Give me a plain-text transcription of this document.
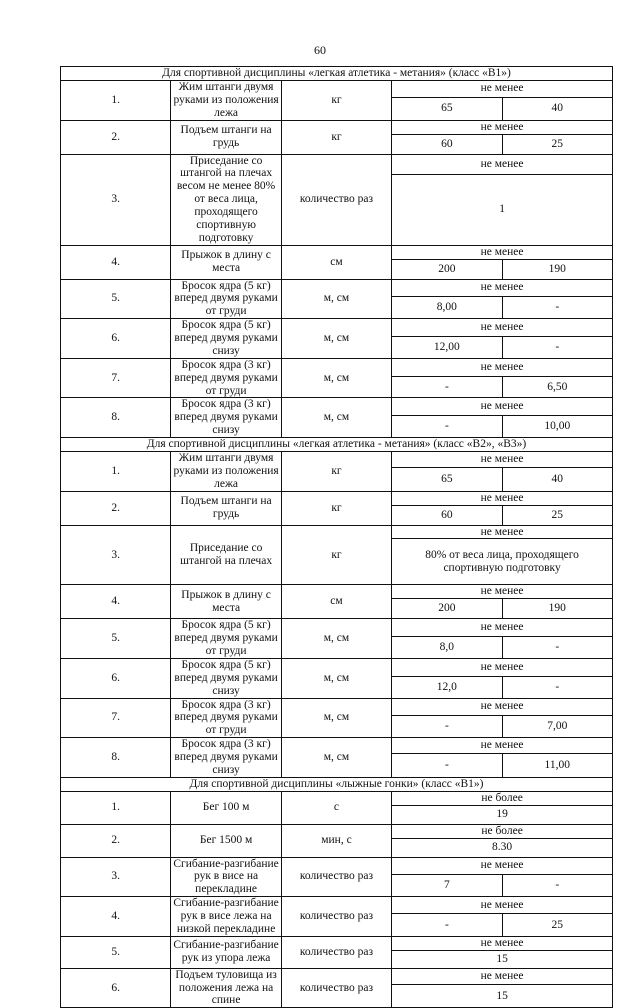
60
Для спортивной дисциплины «легкая атлетика - метания» (класс «В1»)				
1.	Жим штанги двумя руками из положения лежа	кг	не менее	
			65	40
2.	Подъем штанги на грудь	кг	не менее	
			60	25
3.	Приседание со штангой на плечах весом не менее 80% от веса лица, проходящего спортивную подготовку	количество раз	не менее	
			1	
4.	Прыжок в длину с места	см	не менее	
			200	190
5.	Бросок ядра (5 кг) вперед двумя руками от груди	м, см	не менее	
			8,00	-
6.	Бросок ядра (5 кг) вперед двумя руками снизу	м, см	не менее	
			12,00	-
7.	Бросок ядра (3 кг) вперед двумя руками от груди	м, см	не менее	
			-	6,50
8.	Бросок ядра (3 кг) вперед двумя руками снизу	м, см	не менее	
			-	10,00
Для спортивной дисциплины «легкая атлетика - метания» (класс «В2», «В3»)				
1.	Жим штанги двумя руками из положения лежа	кг	не менее	
			65	40
2.	Подъем штанги на грудь	кг	не менее	
			60	25
3.	Приседание со штангой на плечах	кг	не менее	
			80% от веса лица, проходящего спортивную подготовку	
4.	Прыжок в длину с места	см	не менее	
			200	190
5.	Бросок ядра (5 кг) вперед двумя руками от груди	м, см	не менее	
			8,0	-
6.	Бросок ядра (5 кг) вперед двумя руками снизу	м, см	не менее	
			12,0	-
7.	Бросок ядра (3 кг) вперед двумя руками от груди	м, см	не менее	
			-	7,00
8.	Бросок ядра (3 кг) вперед двумя руками снизу	м, см	не менее	
			-	11,00
Для спортивной дисциплины «лыжные гонки» (класс «В1»)				
1.	Бег 100 м	с	не более	
			19	
2.	Бег 1500 м	мин, с	не более	
			8.30	
3.	Сгибание-разгибание рук в висе на перекладине	количество раз	не менее	
			7	-
4.	Сгибание-разгибание рук в висе лежа на низкой перекладине	количество раз	не менее	
			-	25
5.	Сгибание-разгибание рук из упора лежа	количество раз	не менее	
			15	
6.	Подъем туловища из положения лежа на спине	количество раз	не менее	
			15	
